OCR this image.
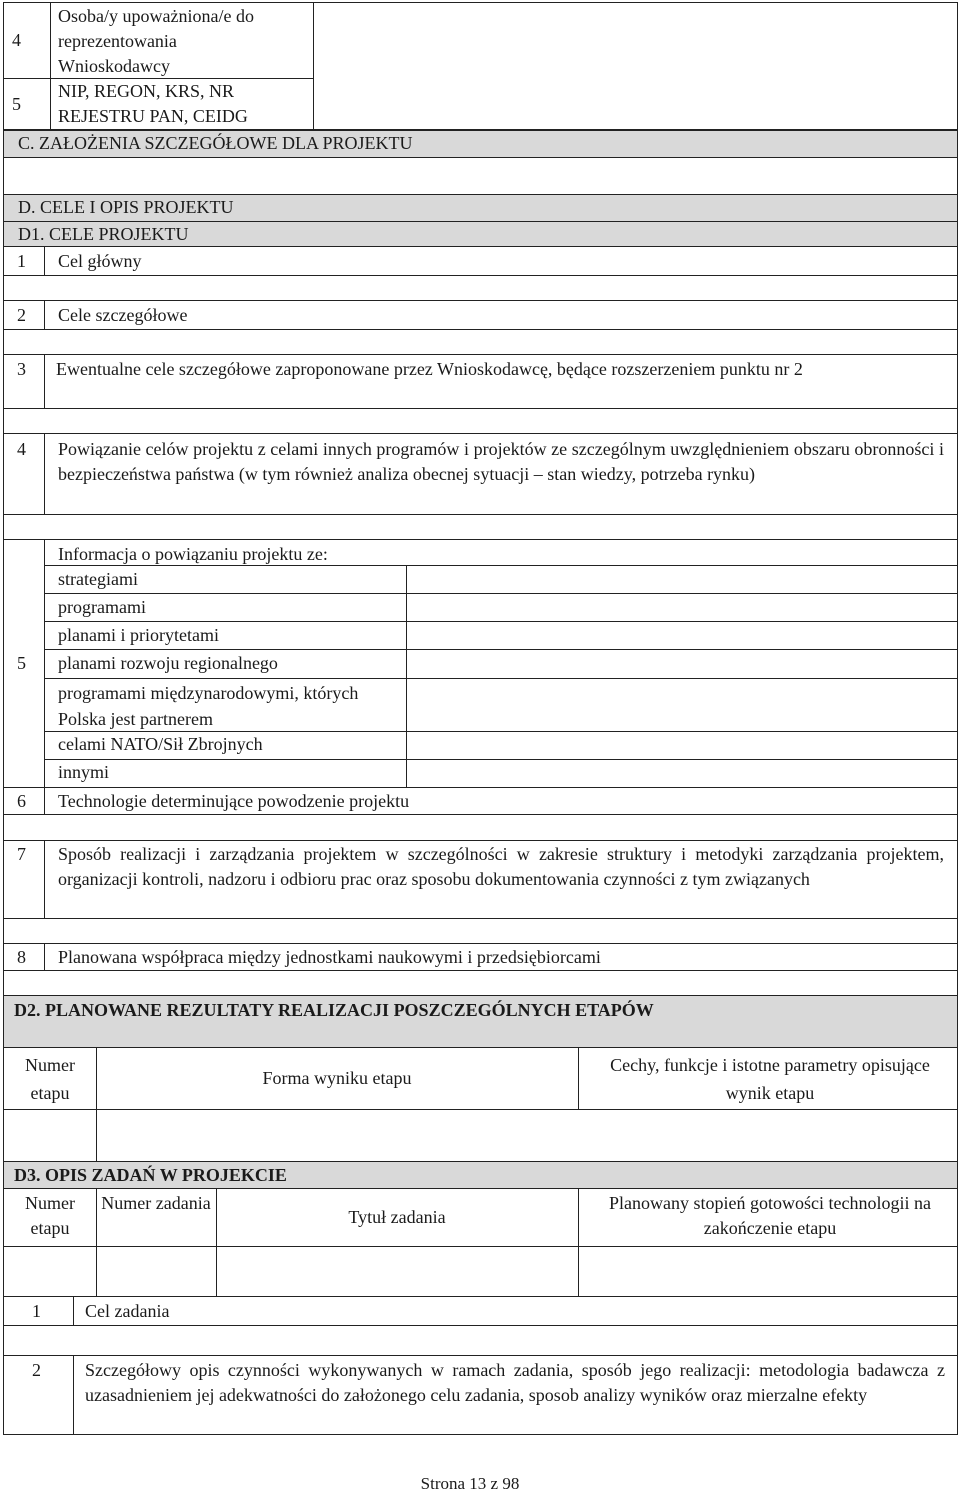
4
Osoba/y upoważniona/e do reprezentowania Wnioskodawcy
5
NIP, REGON, KRS, NR REJESTRU PAN, CEIDG
C. ZAŁOŻENIA SZCZEGÓŁOWE DLA PROJEKTU
D. CELE I OPIS PROJEKTU
D1. CELE PROJEKTU
1 Cel główny
2 Cele szczegółowe
3 Ewentualne cele szczegółowe zaproponowane przez Wnioskodawcę, będące rozszerzeniem punktu nr 2
4 Powiązanie celów projektu z celami innych programów i projektów ze szczególnym uwzględnieniem obszaru obronności i bezpieczeństwa państwa (w tym również analiza obecnej sytuacji – stan wiedzy, potrzeba rynku)
5
Informacja o powiązaniu projektu ze:
strategiami
programami
planami i priorytetami
planami rozwoju regionalnego
programami międzynarodowymi, których Polska jest partnerem
celami NATO/Sił Zbrojnych
innymi
6 Technologie determinujące powodzenie projektu
7 Sposób realizacji i zarządzania projektem w szczególności w zakresie struktury i metodyki zarządzania projektem, organizacji kontroli, nadzoru i odbioru prac oraz sposobu dokumentowania czynności z tym związanych
8 Planowana współpraca między jednostkami naukowymi i przedsiębiorcami
D2. PLANOWANE REZULTATY REALIZACJI POSZCZEGÓLNYCH ETAPÓW
Numer etapu
Forma wyniku etapu
Cechy, funkcje i istotne parametry opisujące wynik etapu
D3. OPIS ZADAŃ W PROJEKCIE
Numer etapu
Numer zadania
Tytuł zadania
Planowany stopień gotowości technologii na zakończenie etapu
1 Cel zadania
2 Szczegółowy opis czynności wykonywanych w ramach zadania, sposób jego realizacji: metodologia badawcza z uzasadnieniem jej adekwatności do założonego celu zadania, sposob analizy wyników oraz mierzalne efekty
Strona 13 z 98
